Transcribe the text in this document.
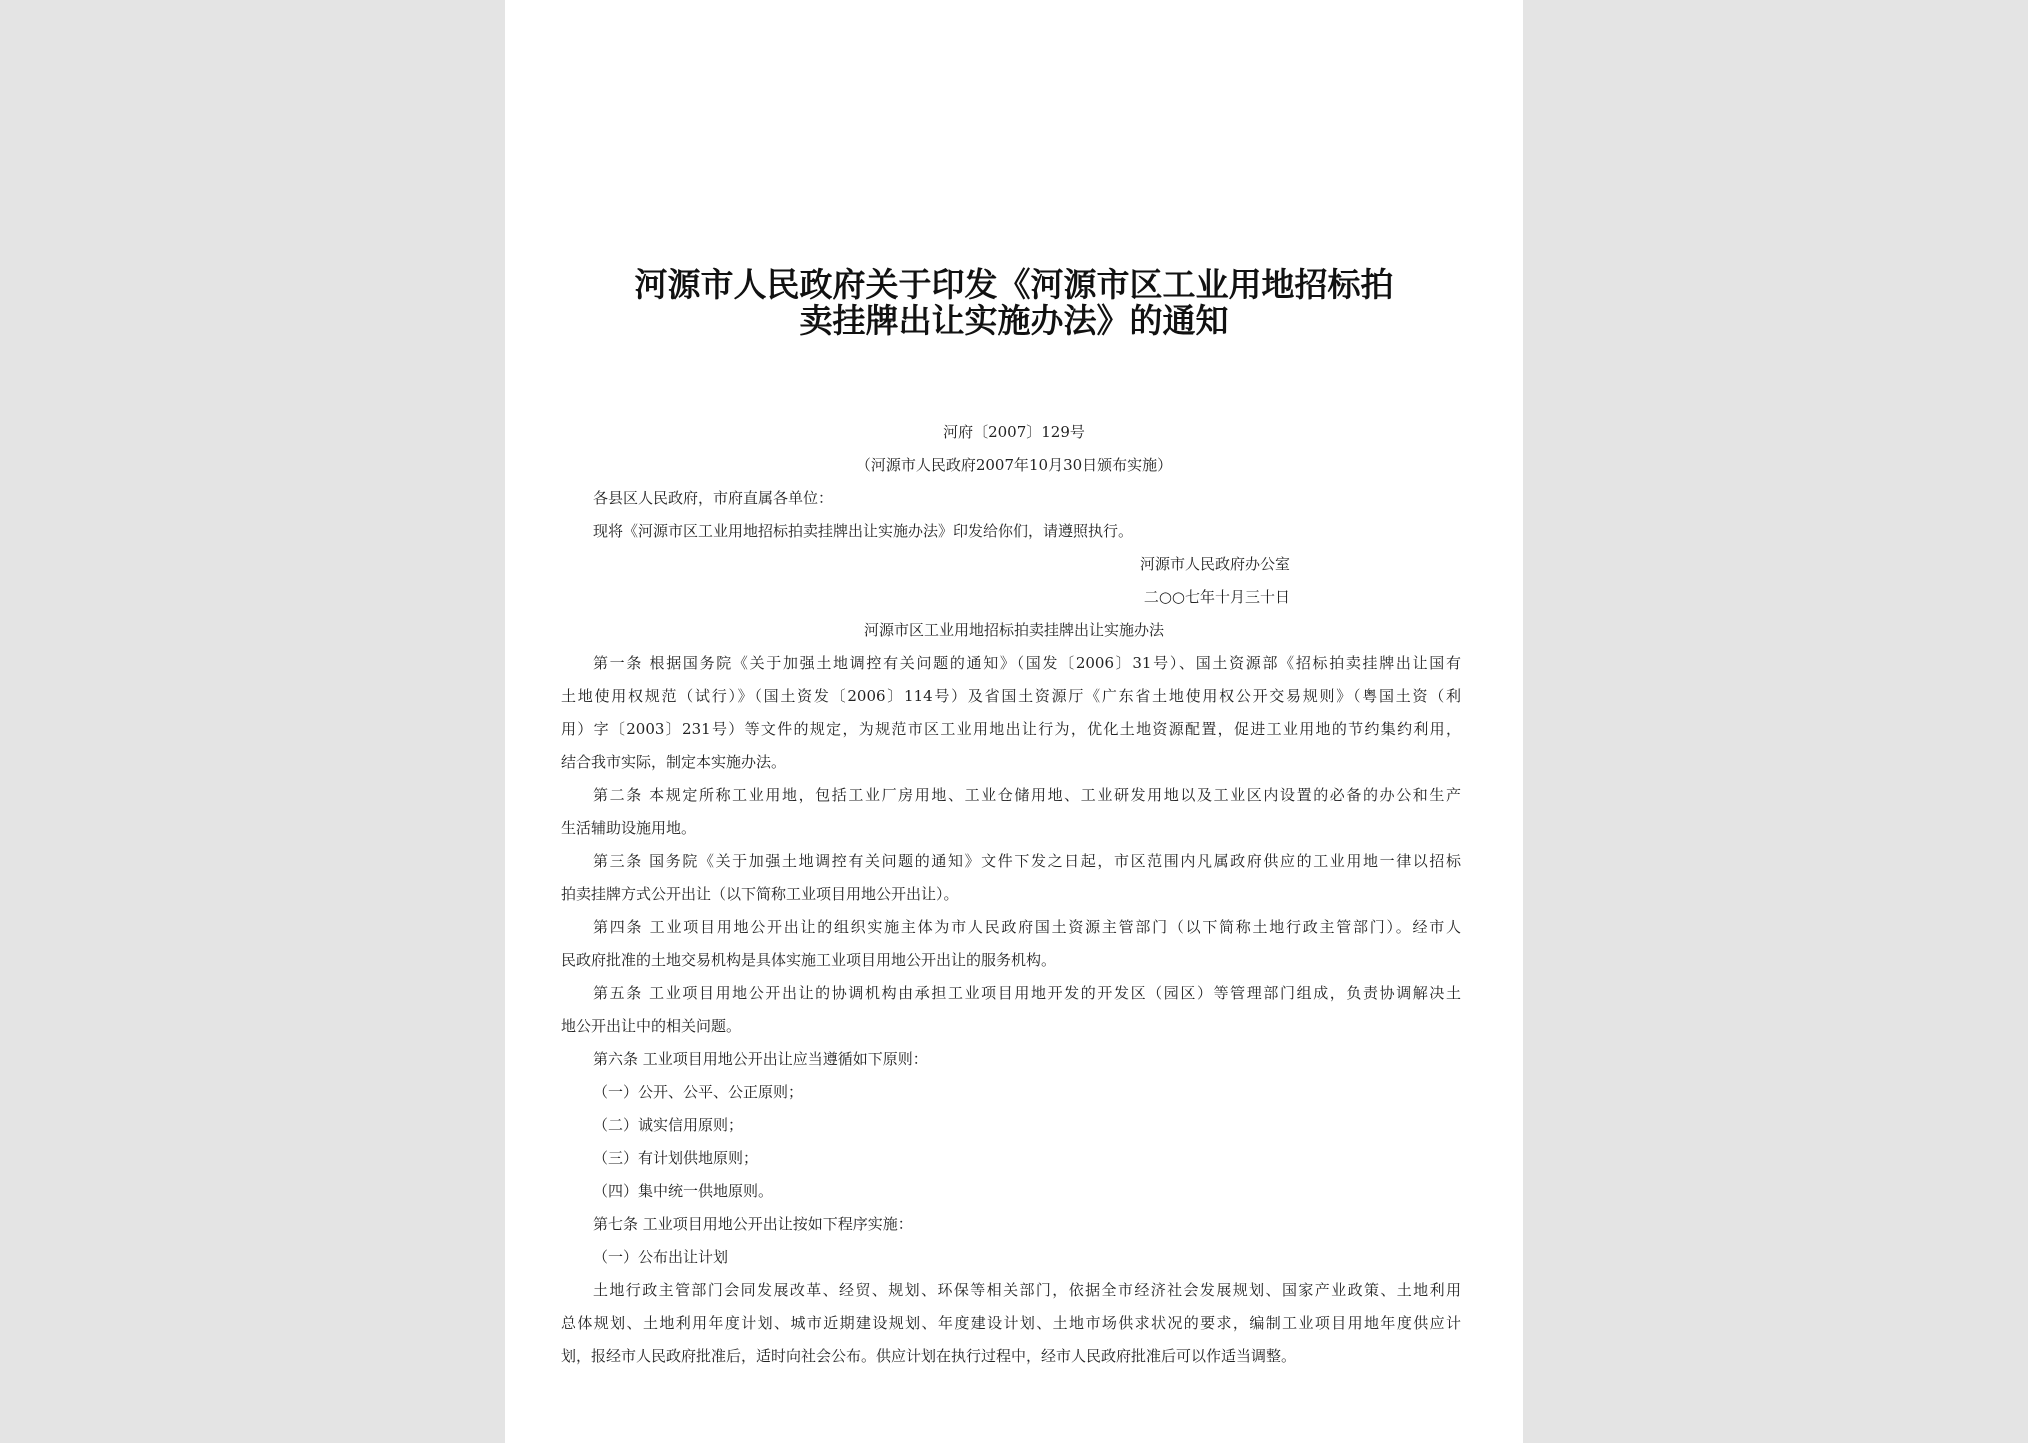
河源市人民政府关于印发《河源市区工业用地招标拍
卖挂牌出让实施办法》的通知
河府〔2007〕129号
（河源市人民政府2007年10月30日颁布实施）
各县区人民政府，市府直属各单位：
现将《河源市区工业用地招标拍卖挂牌出让实施办法》印发给你们，请遵照执行。
河源市人民政府办公室
二○○七年十月三十日
河源市区工业用地招标拍卖挂牌出让实施办法
第一条 根据国务院《关于加强土地调控有关问题的通知》（国发〔2006〕31号）、国土资源部《招标拍卖挂牌出让国有
土地使用权规范（试行）》（国土资发〔2006〕114号）及省国土资源厅《广东省土地使用权公开交易规则》（粤国土资（利
用）字〔2003〕231号）等文件的规定，为规范市区工业用地出让行为，优化土地资源配置，促进工业用地的节约集约利用，
结合我市实际，制定本实施办法。
第二条 本规定所称工业用地，包括工业厂房用地、工业仓储用地、工业研发用地以及工业区内设置的必备的办公和生产
生活辅助设施用地。
第三条 国务院《关于加强土地调控有关问题的通知》文件下发之日起，市区范围内凡属政府供应的工业用地一律以招标
拍卖挂牌方式公开出让（以下简称工业项目用地公开出让）。
第四条 工业项目用地公开出让的组织实施主体为市人民政府国土资源主管部门（以下简称土地行政主管部门）。经市人
民政府批准的土地交易机构是具体实施工业项目用地公开出让的服务机构。
第五条 工业项目用地公开出让的协调机构由承担工业项目用地开发的开发区（园区）等管理部门组成，负责协调解决土
地公开出让中的相关问题。
第六条 工业项目用地公开出让应当遵循如下原则：
（一）公开、公平、公正原则；
（二）诚实信用原则；
（三）有计划供地原则；
（四）集中统一供地原则。
第七条 工业项目用地公开出让按如下程序实施：
（一）公布出让计划
土地行政主管部门会同发展改革、经贸、规划、环保等相关部门，依据全市经济社会发展规划、国家产业政策、土地利用
总体规划、土地利用年度计划、城市近期建设规划、年度建设计划、土地市场供求状况的要求，编制工业项目用地年度供应计
划，报经市人民政府批准后，适时向社会公布。供应计划在执行过程中，经市人民政府批准后可以作适当调整。
